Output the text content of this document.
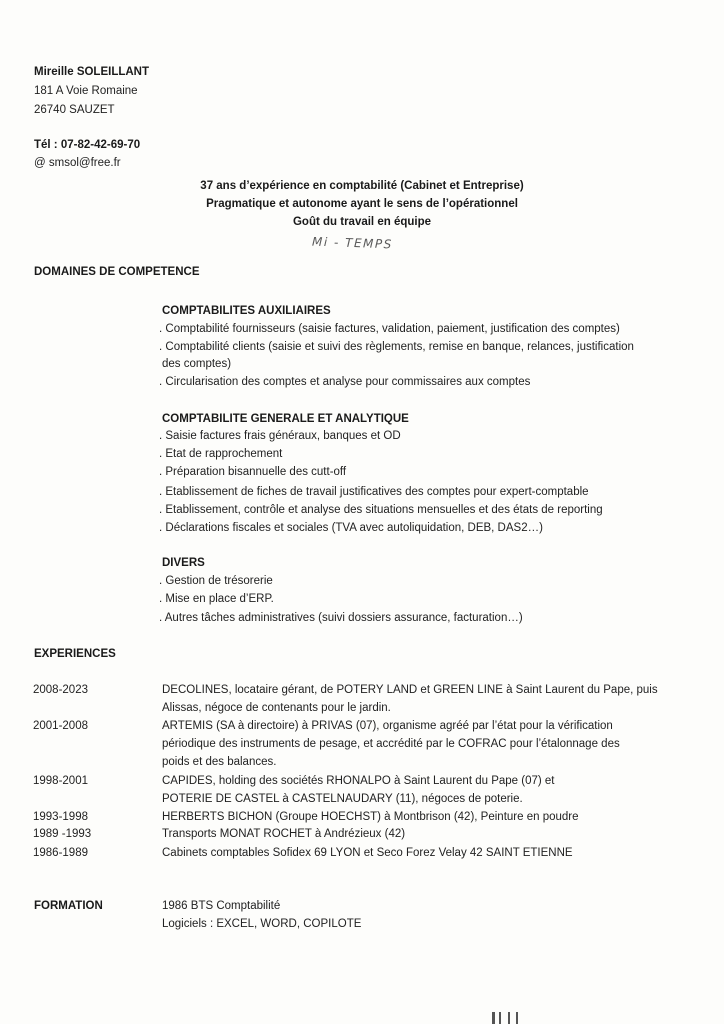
Mireille SOLEILLANT
181 A Voie Romaine
26740 SAUZET
Tél : 07-82-42-69-70
@ smsol@free.fr
37 ans d’expérience en comptabilité (Cabinet et Entreprise)
Pragmatique et autonome ayant le sens de l’opérationnel
Goût du travail en équipe
Mi - TEMPS
DOMAINES DE COMPETENCE
COMPTABILITES AUXILIAIRES
. Comptabilité fournisseurs (saisie factures, validation, paiement, justification des comptes)
. Comptabilité clients (saisie et suivi des règlements, remise en banque, relances, justification
des comptes)
. Circularisation des comptes et analyse pour commissaires aux comptes
COMPTABILITE GENERALE ET ANALYTIQUE
. Saisie factures frais généraux, banques et OD
. Etat de rapprochement
. Préparation bisannuelle des cutt-off
. Etablissement de fiches de travail justificatives des comptes pour expert-comptable
. Etablissement, contrôle et analyse des situations mensuelles et des états de reporting
. Déclarations fiscales et sociales (TVA avec autoliquidation, DEB, DAS2…)
DIVERS
. Gestion de trésorerie
. Mise en place d’ERP.
. Autres tâches administratives (suivi dossiers assurance, facturation…)
EXPERIENCES
2008-2023	DECOLINES, locataire gérant, de POTERY LAND et GREEN LINE à Saint Laurent du Pape, puis
Alissas, négoce de contenants pour le jardin.
2001-2008	ARTEMIS (SA à directoire) à PRIVAS (07), organisme agréé par l’état pour la vérification
périodique des instruments de pesage, et accrédité par le COFRAC pour l’étalonnage des
poids et des balances.
1998-2001	CAPIDES, holding des sociétés RHONALPO à Saint Laurent du Pape (07) et
POTERIE DE CASTEL à CASTELNAUDARY (11), négoces de poterie.
1993-1998	HERBERTS BICHON (Groupe HOECHST) à Montbrison (42), Peinture en poudre
1989 -1993	Transports MONAT ROCHET à Andrézieux (42)
1986-1989	Cabinets comptables Sofidex 69 LYON et Seco Forez Velay 42 SAINT ETIENNE
FORMATION	1986 BTS Comptabilité
Logiciels : EXCEL, WORD, COPILOTE
